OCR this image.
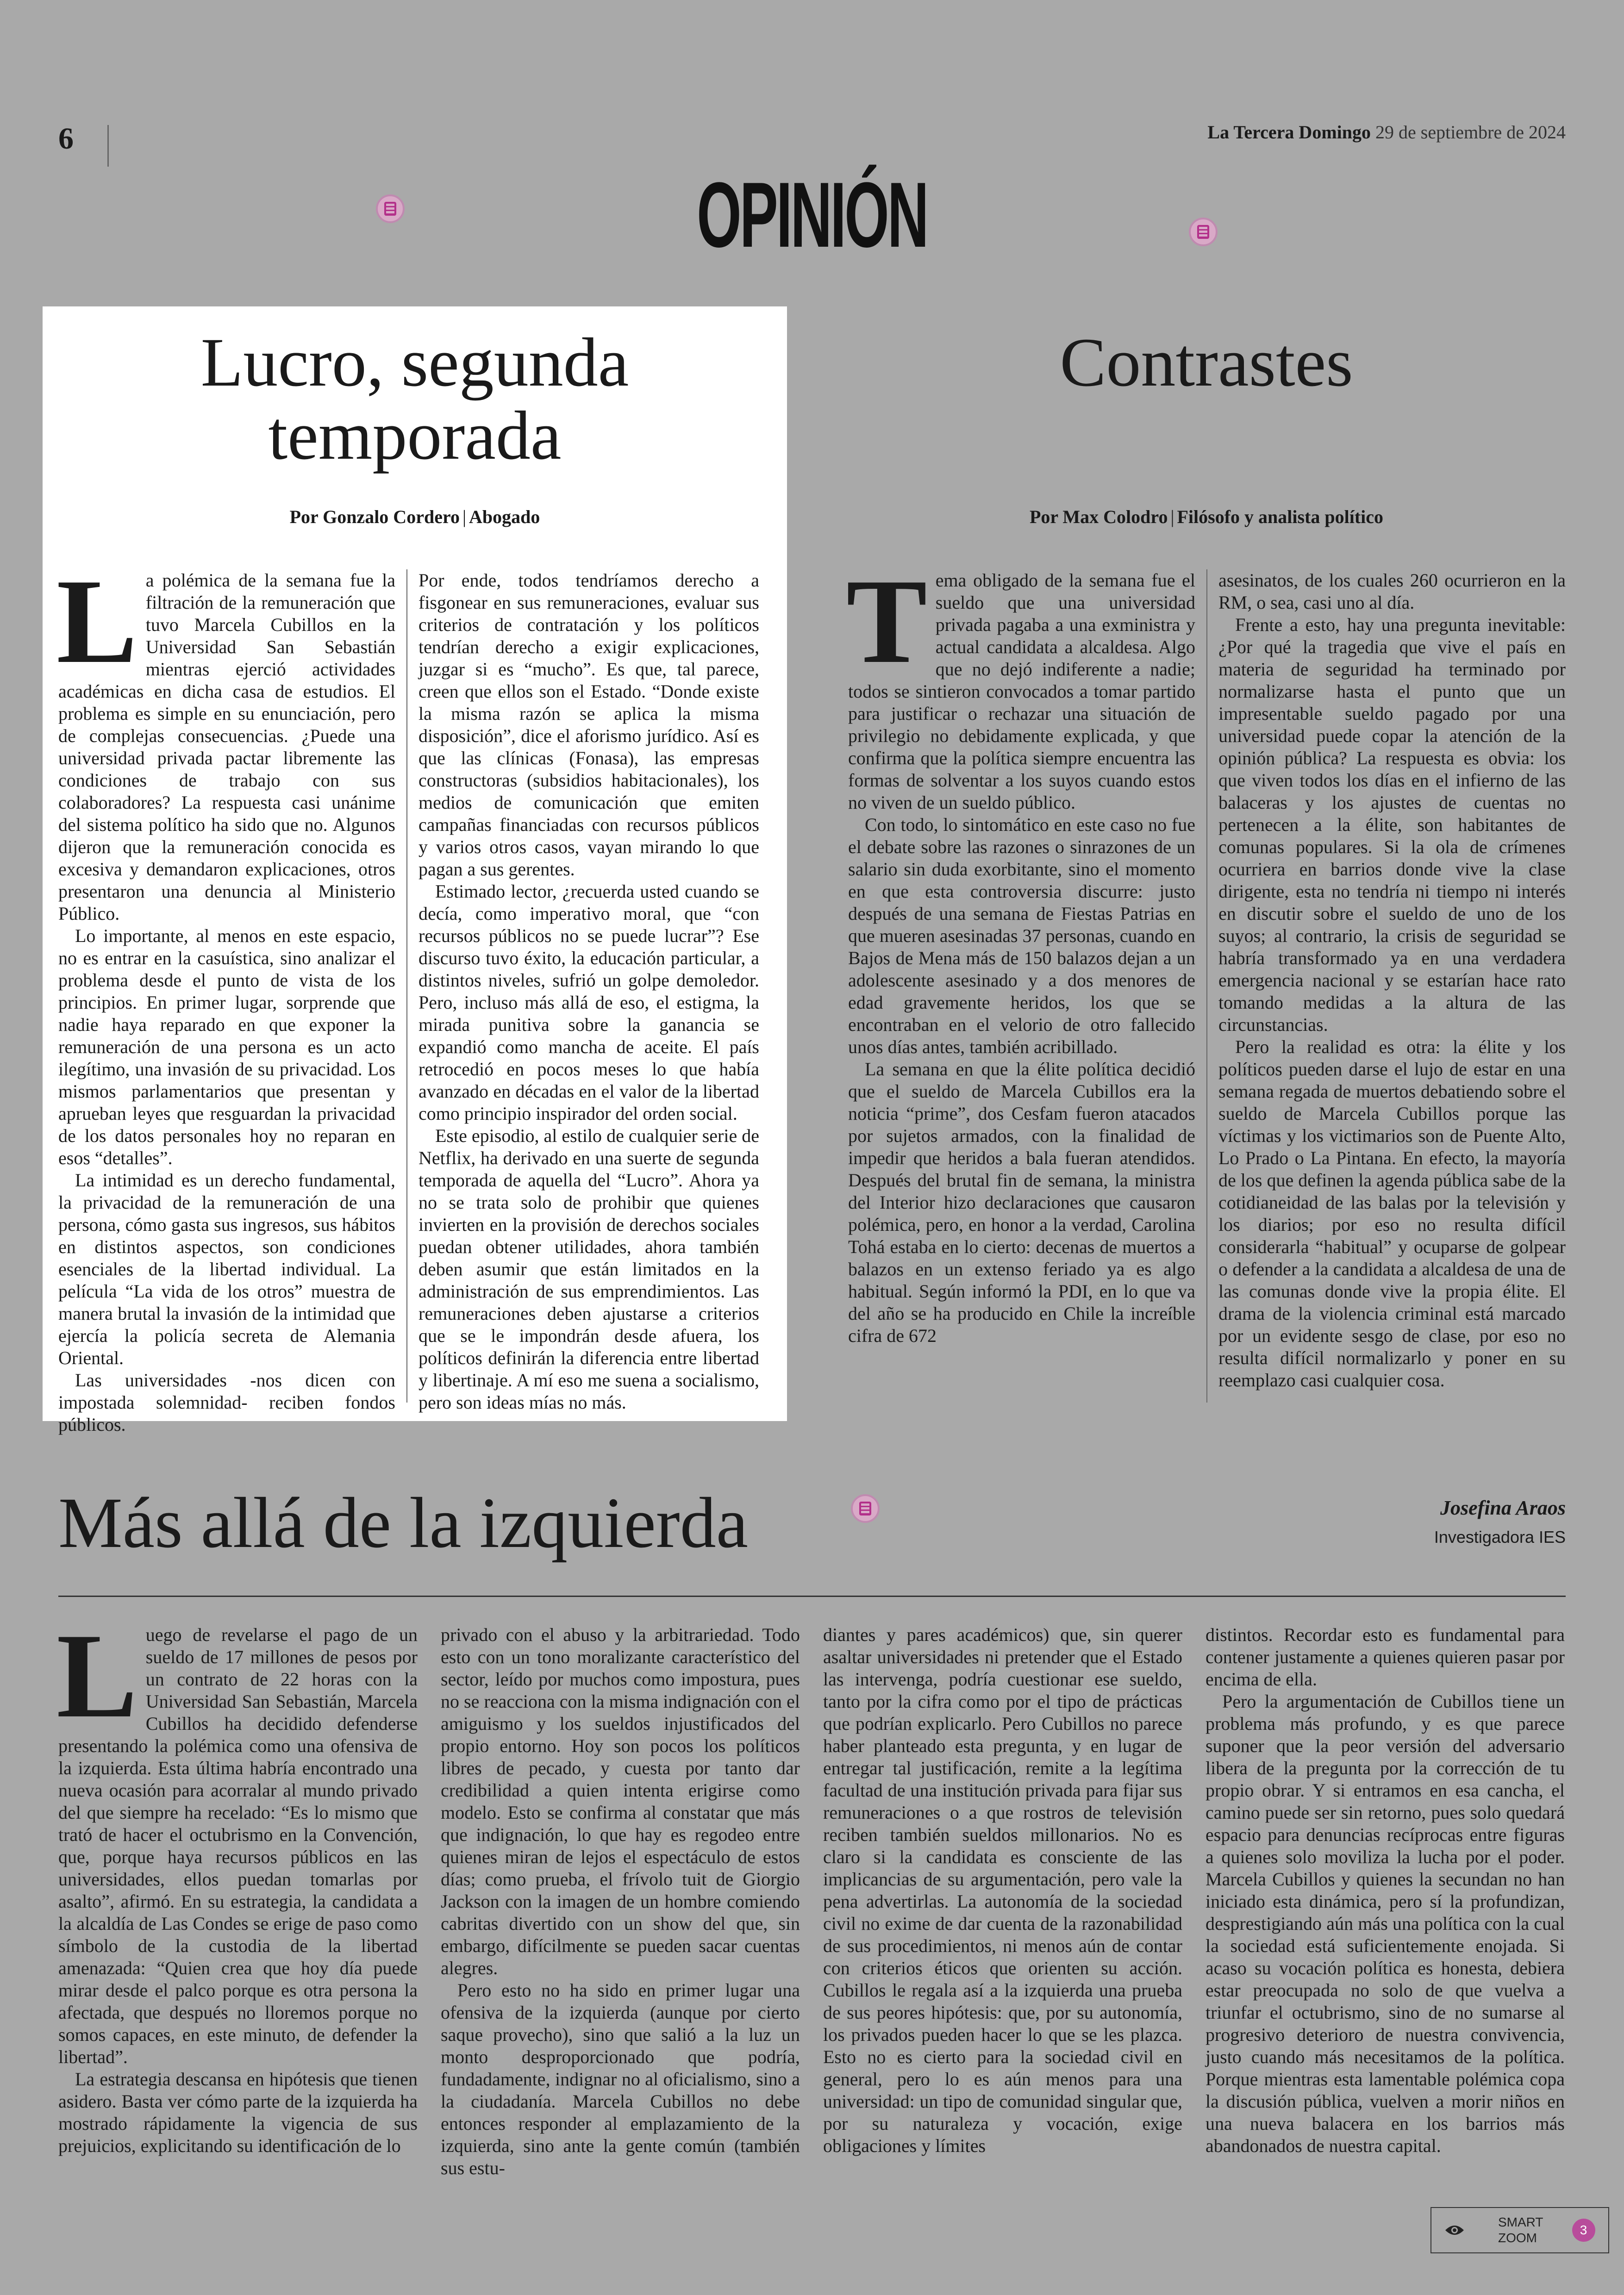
6	La Tercera Domingo 29 de septiembre de 2024
OPINIÓN
Lucro, segunda
temporada
Por Gonzalo Cordero | Abogado

La polémica de la semana fue la filtración de la remuneración que tuvo Marcela Cubillos en la Universidad San Sebastián mientras ejerció actividades académicas en dicha casa de estudios. El problema es simple en su enunciación, pero de complejas consecuencias. ¿Puede una universidad privada pactar libremente las condiciones de trabajo con sus colaboradores? La respuesta casi unánime del sistema político ha sido que no. Algunos dijeron que la remuneración conocida es excesiva y demandaron explicaciones, otros presentaron una denuncia al Ministerio Público.

Lo importante, al menos en este espacio, no es entrar en la casuística, sino analizar el problema desde el punto de vista de los principios. En primer lugar, sorprende que nadie haya reparado en que exponer la remuneración de una persona es un acto ilegítimo, una invasión de su privacidad. Los mismos parlamentarios que presentan y aprueban leyes que resguardan la privacidad de los datos personales hoy no reparan en esos “detalles”.

La intimidad es un derecho fundamental, la privacidad de la remuneración de una persona, cómo gasta sus ingresos, sus hábitos en distintos aspectos, son condiciones esenciales de la libertad individual. La película “La vida de los otros” muestra de manera brutal la invasión de la intimidad que ejercía la policía secreta de Alemania Oriental.

Las universidades -nos dicen con impostada solemnidad- reciben fondos públicos.

Por ende, todos tendríamos derecho a fisgonear en sus remuneraciones, evaluar sus criterios de contratación y los políticos tendrían derecho a exigir explicaciones, juzgar si es “mucho”. Es que, tal parece, creen que ellos son el Estado. “Donde existe la misma razón se aplica la misma disposición”, dice el aforismo jurídico. Así es que las clínicas (Fonasa), las empresas constructoras (subsidios habitacionales), los medios de comunicación que emiten campañas financiadas con recursos públicos y varios otros casos, vayan mirando lo que pagan a sus gerentes.

Estimado lector, ¿recuerda usted cuando se decía, como imperativo moral, que “con recursos públicos no se puede lucrar”? Ese discurso tuvo éxito, la educación particular, a distintos niveles, sufrió un golpe demoledor. Pero, incluso más allá de eso, el estigma, la mirada punitiva sobre la ganancia se expandió como mancha de aceite. El país retrocedió en pocos meses lo que había avanzado en décadas en el valor de la libertad como principio inspirador del orden social.

Este episodio, al estilo de cualquier serie de Netflix, ha derivado en una suerte de segunda temporada de aquella del “Lucro”. Ahora ya no se trata solo de prohibir que quienes invierten en la provisión de derechos sociales puedan obtener utilidades, ahora también deben asumir que están limitados en la administración de sus emprendimientos. Las remuneraciones deben ajustarse a criterios que se le impondrán desde afuera, los políticos definirán la diferencia entre libertad y libertinaje. A mí eso me suena a socialismo, pero son ideas mías no más.

Contrastes
Por Max Colodro | Filósofo y analista político

Tema obligado de la semana fue el sueldo que una universidad privada pagaba a una exministra y actual candidata a alcaldesa. Algo que no dejó indiferente a nadie; todos se sintieron convocados a tomar partido para justificar o rechazar una situación de privilegio no debidamente explicada, y que confirma que la política siempre encuentra las formas de solventar a los suyos cuando estos no viven de un sueldo público.

Con todo, lo sintomático en este caso no fue el debate sobre las razones o sinrazones de un salario sin duda exorbitante, sino el momento en que esta controversia discurre: justo después de una semana de Fiestas Patrias en que mueren asesinadas 37 personas, cuando en Bajos de Mena más de 150 balazos dejan a un adolescente asesinado y a dos menores de edad gravemente heridos, los que se encontraban en el velorio de otro fallecido unos días antes, también acribillado.

La semana en que la élite política decidió que el sueldo de Marcela Cubillos era la noticia “prime”, dos Cesfam fueron atacados por sujetos armados, con la finalidad de impedir que heridos a bala fueran atendidos. Después del brutal fin de semana, la ministra del Interior hizo declaraciones que causaron polémica, pero, en honor a la verdad, Carolina Tohá estaba en lo cierto: decenas de muertos a balazos en un extenso feriado ya es algo habitual. Según informó la PDI, en lo que va del año se ha producido en Chile la increíble cifra de 672

asesinatos, de los cuales 260 ocurrieron en la RM, o sea, casi uno al día.

Frente a esto, hay una pregunta inevitable: ¿Por qué la tragedia que vive el país en materia de seguridad ha terminado por normalizarse hasta el punto que un impresentable sueldo pagado por una universidad puede copar la atención de la opinión pública? La respuesta es obvia: los que viven todos los días en el infierno de las balaceras y los ajustes de cuentas no pertenecen a la élite, son habitantes de comunas populares. Si la ola de crímenes ocurriera en barrios donde vive la clase dirigente, esta no tendría ni tiempo ni interés en discutir sobre el sueldo de uno de los suyos; al contrario, la crisis de seguridad se habría transformado ya en una verdadera emergencia nacional y se estarían hace rato tomando medidas a la altura de las circunstancias.

Pero la realidad es otra: la élite y los políticos pueden darse el lujo de estar en una semana regada de muertos debatiendo sobre el sueldo de Marcela Cubillos porque las víctimas y los victimarios son de Puente Alto, Lo Prado o La Pintana. En efecto, la mayoría de los que definen la agenda pública sabe de la cotidianeidad de las balas por la televisión y los diarios; por eso no resulta difícil considerarla “habitual” y ocuparse de golpear o defender a la candidata a alcaldesa de una de las comunas donde vive la propia élite. El drama de la violencia criminal está marcado por un evidente sesgo de clase, por eso no resulta difícil normalizarlo y poner en su reemplazo casi cualquier cosa.

Más allá de la izquierda	Josefina Araos
Investigadora IES

Luego de revelarse el pago de un sueldo de 17 millones de pesos por un contrato de 22 horas con la Universidad San Sebastián, Marcela Cubillos ha decidido defenderse presentando la polémica como una ofensiva de la izquierda. Esta última habría encontrado una nueva ocasión para acorralar al mundo privado del que siempre ha recelado: “Es lo mismo que trató de hacer el octubrismo en la Convención, que, porque haya recursos públicos en las universidades, ellos puedan tomarlas por asalto”, afirmó. En su estrategia, la candidata a la alcaldía de Las Condes se erige de paso como símbolo de la custodia de la libertad amenazada: “Quien crea que hoy día puede mirar desde el palco porque es otra persona la afectada, que después no lloremos porque no somos capaces, en este minuto, de defender la libertad”.

La estrategia descansa en hipótesis que tienen asidero. Basta ver cómo parte de la izquierda ha mostrado rápidamente la vigencia de sus prejuicios, explicitando su identificación de lo

privado con el abuso y la arbitrariedad. Todo esto con un tono moralizante característico del sector, leído por muchos como impostura, pues no se reacciona con la misma indignación con el amiguismo y los sueldos injustificados del propio entorno. Hoy son pocos los políticos libres de pecado, y cuesta por tanto dar credibilidad a quien intenta erigirse como modelo. Esto se confirma al constatar que más que indignación, lo que hay es regodeo entre quienes miran de lejos el espectáculo de estos días; como prueba, el frívolo tuit de Giorgio Jackson con la imagen de un hombre comiendo cabritas divertido con un show del que, sin embargo, difícilmente se pueden sacar cuentas alegres.

Pero esto no ha sido en primer lugar una ofensiva de la izquierda (aunque por cierto saque provecho), sino que salió a la luz un monto desproporcionado que podría, fundadamente, indignar no al oficialismo, sino a la ciudadanía. Marcela Cubillos no debe entonces responder al emplazamiento de la izquierda, sino ante la gente común (también sus estu-

diantes y pares académicos) que, sin querer asaltar universidades ni pretender que el Estado las intervenga, podría cuestionar ese sueldo, tanto por la cifra como por el tipo de prácticas que podrían explicarlo. Pero Cubillos no parece haber planteado esta pregunta, y en lugar de entregar tal justificación, remite a la legítima facultad de una institución privada para fijar sus remuneraciones o a que rostros de televisión reciben también sueldos millonarios. No es claro si la candidata es consciente de las implicancias de su argumentación, pero vale la pena advertirlas. La autonomía de la sociedad civil no exime de dar cuenta de la razonabilidad de sus procedimientos, ni menos aún de contar con criterios éticos que orienten su acción. Cubillos le regala así a la izquierda una prueba de sus peores hipótesis: que, por su autonomía, los privados pueden hacer lo que se les plazca. Esto no es cierto para la sociedad civil en general, pero lo es aún menos para una universidad: un tipo de comunidad singular que, por su naturaleza y vocación, exige obligaciones y límites

distintos. Recordar esto es fundamental para contener justamente a quienes quieren pasar por encima de ella.

Pero la argumentación de Cubillos tiene un problema más profundo, y es que parece suponer que la peor versión del adversario libera de la pregunta por la corrección de tu propio obrar. Y si entramos en esa cancha, el camino puede ser sin retorno, pues solo quedará espacio para denuncias recíprocas entre figuras a quienes solo moviliza la lucha por el poder. Marcela Cubillos y quienes la secundan no han iniciado esta dinámica, pero sí la profundizan, desprestigiando aún más una política con la cual la sociedad está suficientemente enojada. Si acaso su vocación política es honesta, debiera estar preocupada no solo de que vuelva a triunfar el octubrismo, sino de no sumarse al progresivo deterioro de nuestra convivencia, justo cuando más necesitamos de la política. Porque mientras esta lamentable polémica copa la discusión pública, vuelven a morir niños en una nueva balacera en los barrios más abandonados de nuestra capital.

SMART
ZOOM
3
